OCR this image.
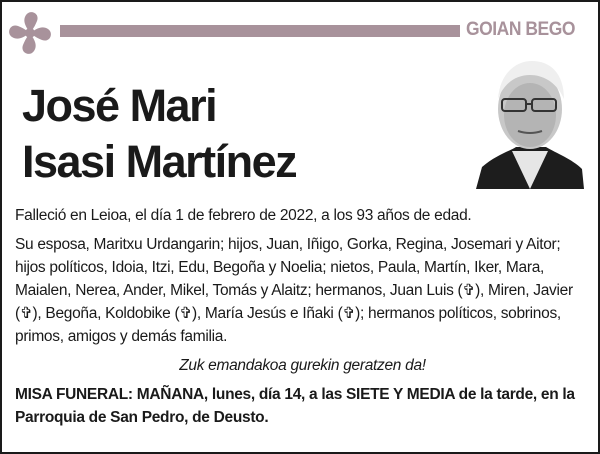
GOIAN BEGO
José Mari
Isasi Martínez

Falleció en Leioa, el día 1 de febrero de 2022, a los 93 años de edad.

Su esposa, Maritxu Urdangarin; hijos, Juan, Iñigo, Gorka, Regina, Josemari y Aitor; hijos políticos, Idoia, Itzi, Edu, Begoña y Noelia; nietos, Paula, Martín, Iker, Mara, Maialen, Nerea, Ander, Mikel, Tomás y Alaitz; hermanos, Juan Luis (✞), Miren, Javier (✞), Begoña, Koldobike (✞), María Jesús e Iñaki (✞); hermanos políticos, sobrinos, primos, amigos y demás familia.

Zuk emandakoa gurekin geratzen da!

MISA FUNERAL: MAÑANA, lunes, día 14, a las SIETE Y MEDIA de la tarde, en la Parroquia de San Pedro, de Deusto.
